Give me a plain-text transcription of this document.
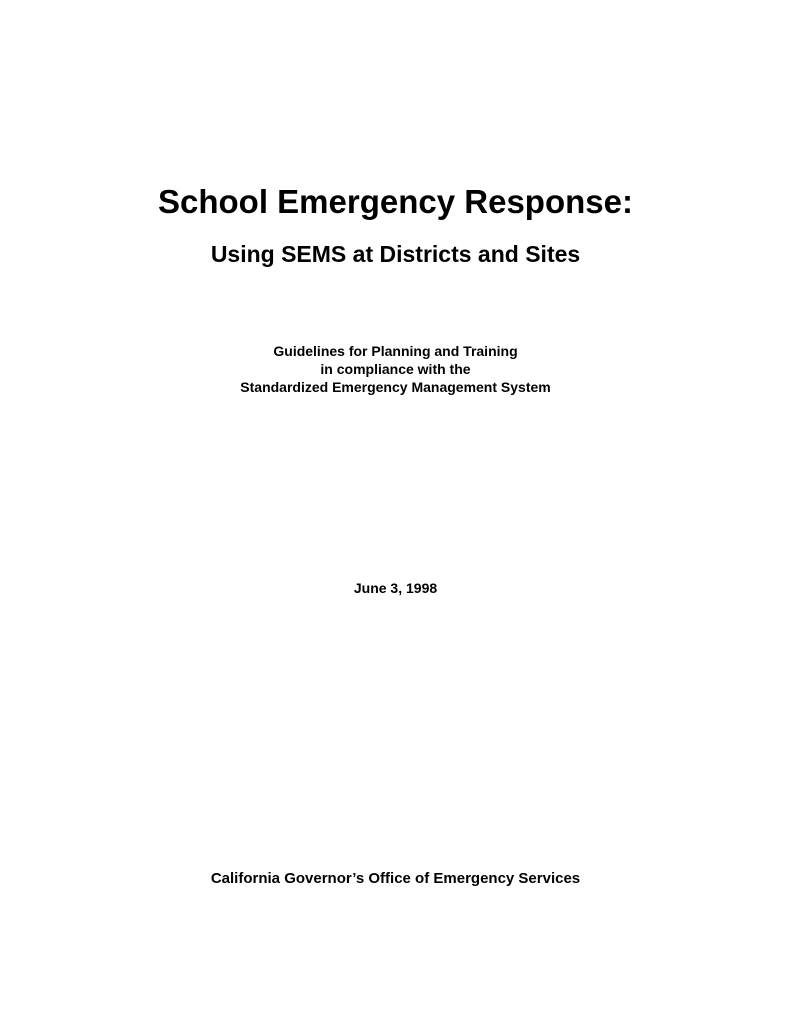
School Emergency Response:
Using SEMS at Districts and Sites
Guidelines for Planning and Training
in compliance with the
Standardized Emergency Management System
June 3, 1998
California Governor’s Office of Emergency Services
